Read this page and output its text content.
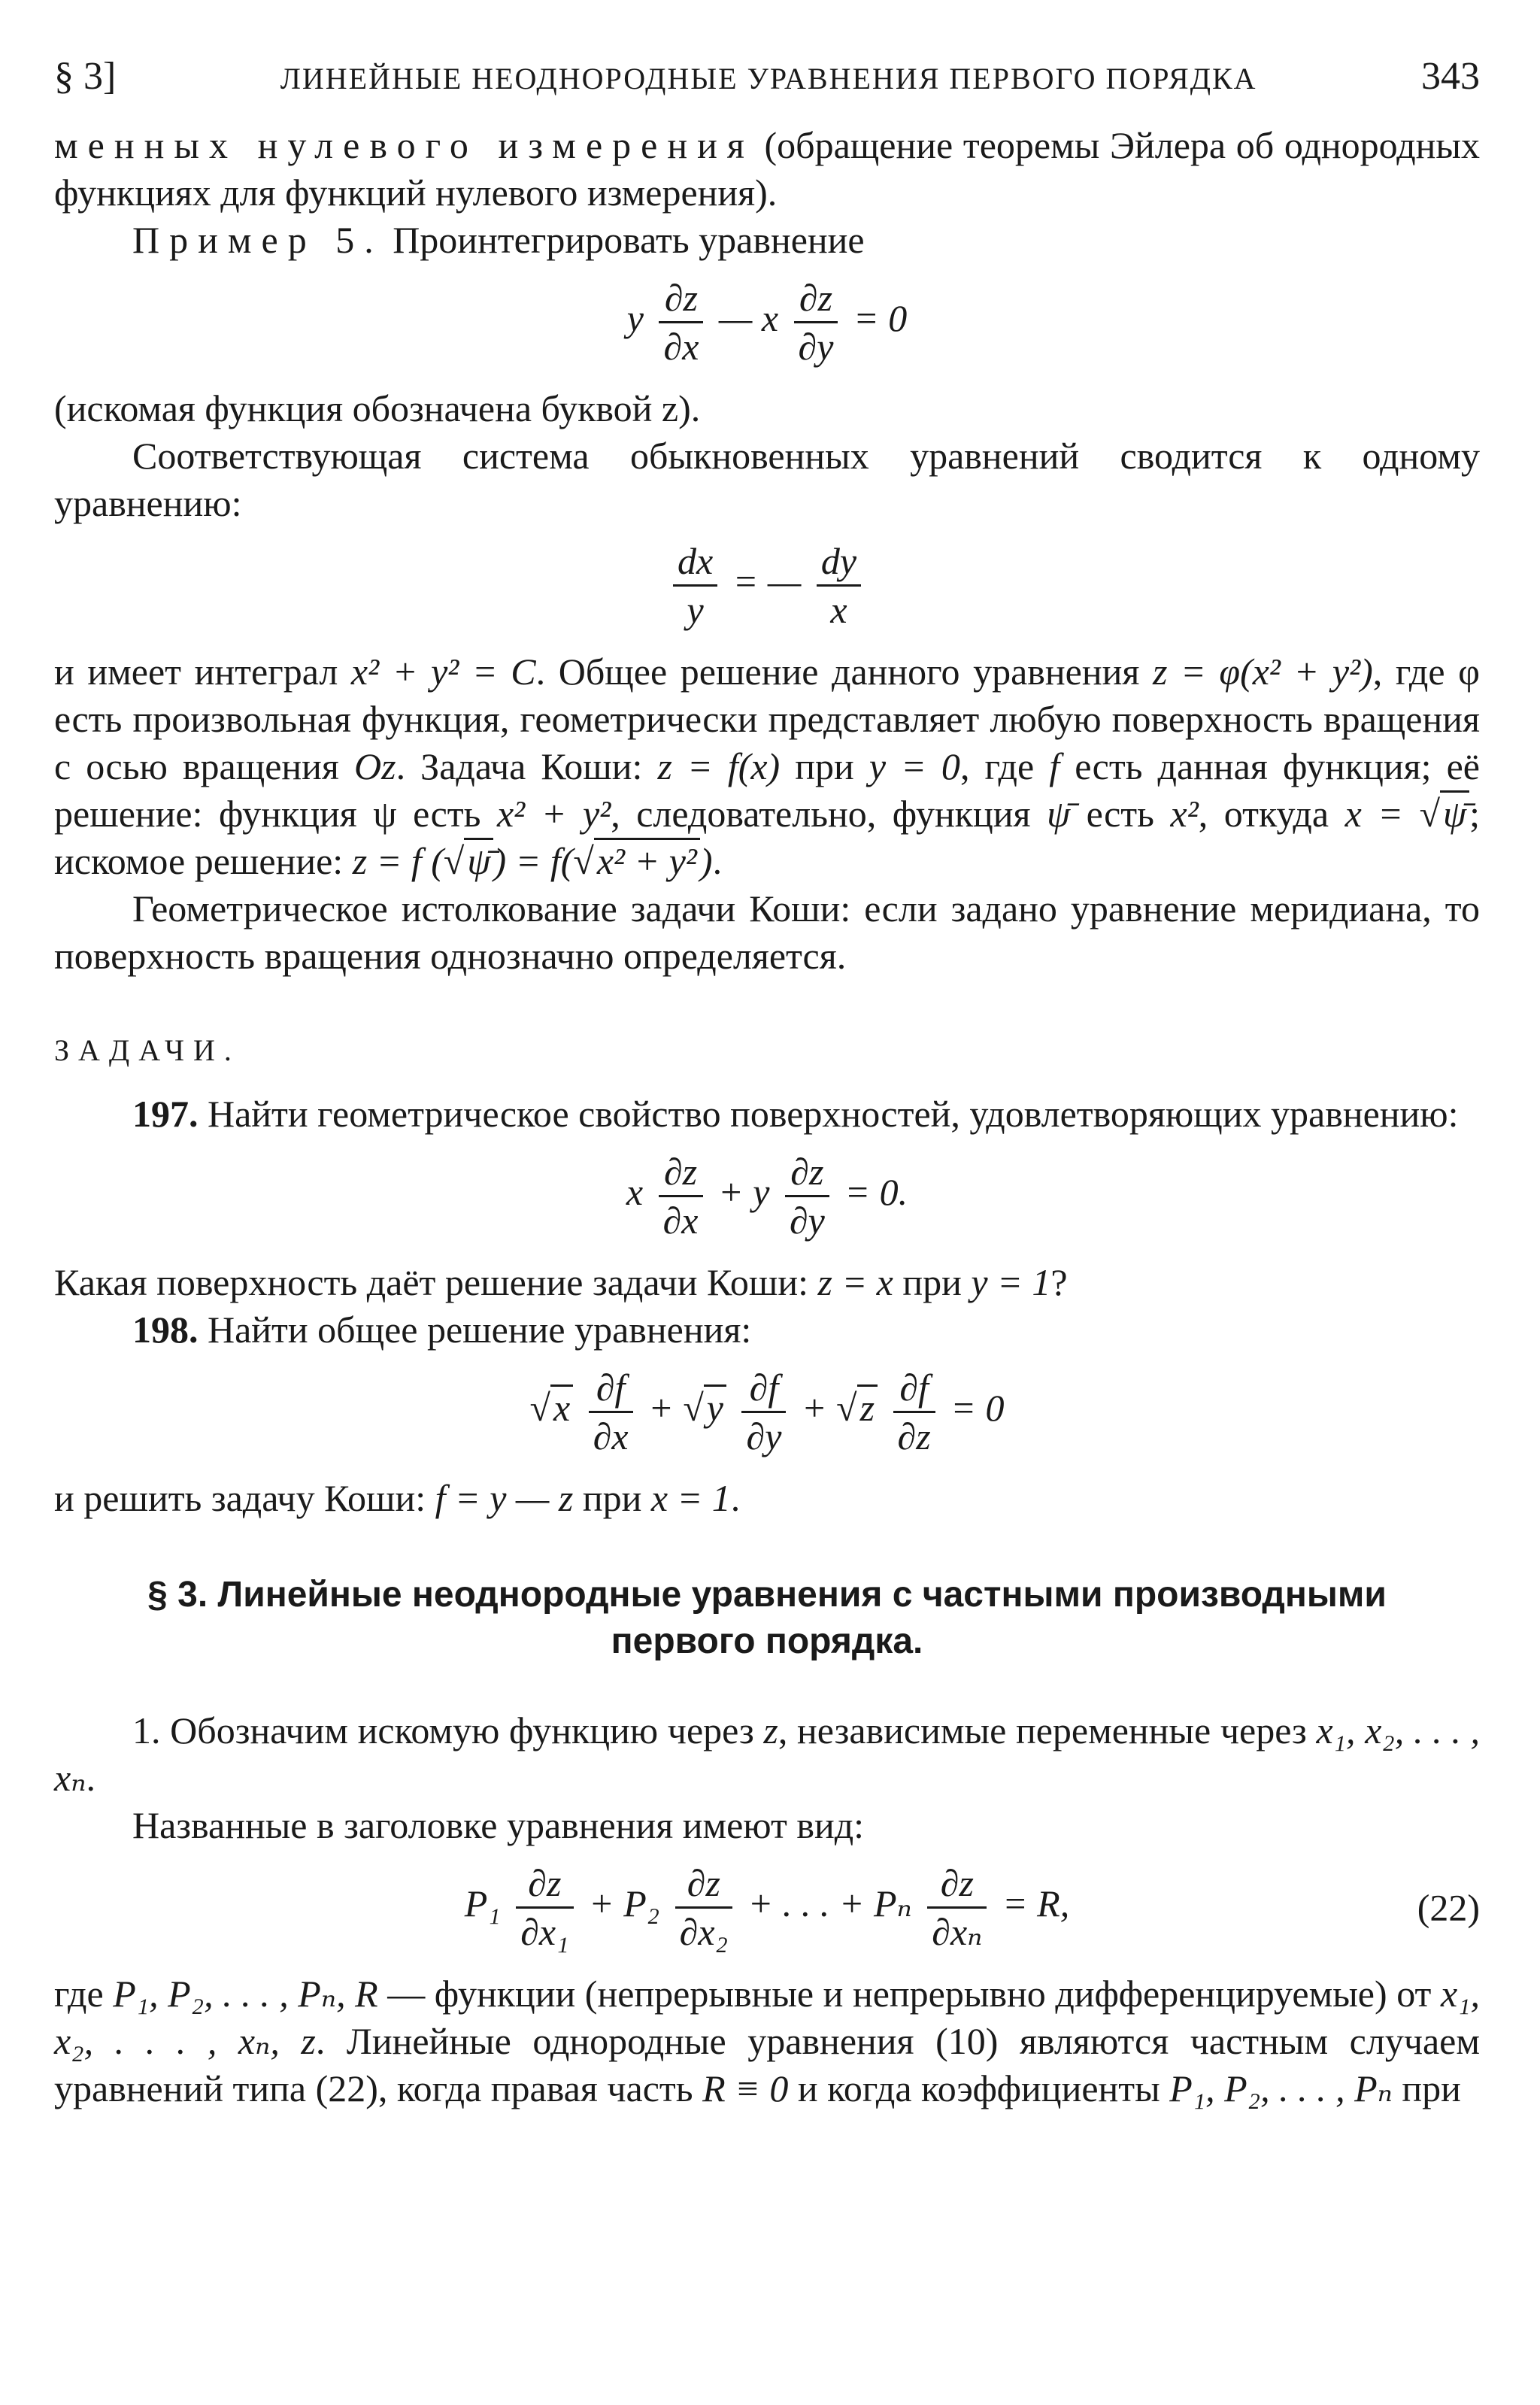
§ 3]	ЛИНЕЙНЫЕ НЕОДНОРОДНЫЕ УРАВНЕНИЯ ПЕРВОГО ПОРЯДКА	343

менных нулевого измерения (обращение теоремы Эйлера об однородных функциях для функций нулевого измерения).

Пример 5. Проинтегрировать уравнение

y $\frac{\partial z}{\partial x}$ — x $\frac{\partial z}{\partial y} = 0$

(искомая функция обозначена буквой z).

Соответствующая система обыкновенных уравнений сводится к одному уравнению:

$\frac{dx}{y}$ = — $\frac{dy}{x}$

и имеет интеграл x² + y² = C. Общее решение данного уравнения z = φ(x² + y²), где φ есть произвольная функция, геометрически представляет любую поверхность вращения с осью вращения Oz. Задача Коши: z = f(x) при y = 0, где f есть данная функция; её решение: функция ψ есть x² + y², следовательно, функция ψ̄ есть x², откуда x = √ψ̄; искомое решение: z = f (√ψ̄) = f(√x² + y²).

Геометрическое истолкование задачи Коши: если задано уравнение меридиана, то поверхность вращения однозначно определяется.

ЗАДАЧИ.

197. Найти геометрическое свойство поверхностей, удовлетворяющих уравнению:

x $\frac{\partial z}{\partial x} + y \frac{\partial z}{\partial y} = 0$.

Какая поверхность даёт решение задачи Коши: z = x при y = 1?

198. Найти общее решение уравнения:

$√x \frac{\partial f}{\partial x} + √y \frac{\partial f}{\partial y} + √z \frac{\partial f}{\partial z} = 0$

и решить задачу Коши: f = y — z при x = 1.

§ 3. Линейные неоднородные уравнения с частными производными первого порядка.

1. Обозначим искомую функцию через z, независимые переменные через x₁, x₂, . . . , xₙ.

Названные в заголовке уравнения имеют вид:

$P_1 \frac{\partial z}{\text{∂x₁}} + P_2 \frac{\partial z}{\text{∂x₂}}$ + . . . + Pₙ $\frac{\partial z}{\text{∂xₙ}} = R$,	(22)

где P₁, P₂, . . . , Pₙ, R — функции (непрерывные и непрерывно дифференцируемые) от x₁, x₂, . . . , xₙ, z. Линейные однородные уравнения (10) являются частным случаем уравнений типа (22), когда правая часть R ≡ 0 и когда коэффициенты P₁, P₂, . . . , Pₙ при
